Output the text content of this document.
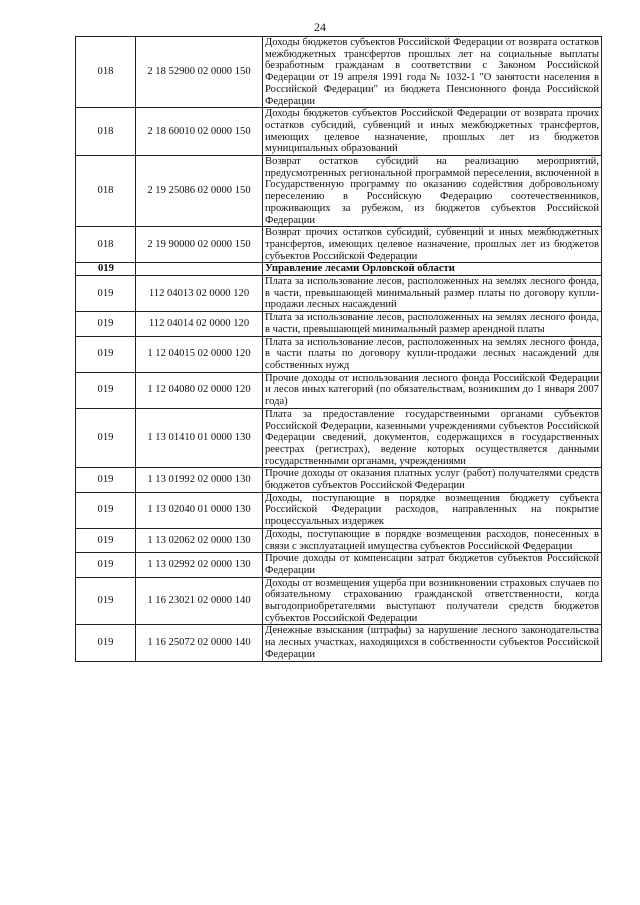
24
018	2 18 52900 02 0000 150	Доходы бюджетов субъектов Российской Федерации от возврата остатков межбюджетных трансфертов прошлых лет на социальные выплаты безработным гражданам в соответствии с Законом Российской Федерации от 19 апреля 1991 года № 1032-1 "О занятости населения в Российской Федерации" из бюджета Пенсионного фонда Российской Федерации
018	2 18 60010 02 0000 150	Доходы бюджетов субъектов Российской Федерации от возврата прочих остатков субсидий, субвенций и иных межбюджетных трансфертов, имеющих целевое назначение, прошлых лет из бюджетов муниципальных образований
018	2 19 25086 02 0000 150	Возврат остатков субсидий на реализацию мероприятий, предусмотренных региональной программой переселения, включенной в Государственную программу по оказанию содействия добровольному переселению в Российскую Федерацию соотечественников, проживающих за рубежом, из бюджетов субъектов Российской Федерации
018	2 19 90000 02 0000 150	Возврат прочих остатков субсидий, субвенций и иных межбюджетных трансфертов, имеющих целевое назначение, прошлых лет из бюджетов субъектов Российской Федерации
019		Управление лесами Орловской области
019	112 04013 02 0000 120	Плата за использование лесов, расположенных на землях лесного фонда, в части, превышающей минимальный размер платы по договору купли-продажи лесных насаждений
019	112 04014 02 0000 120	Плата за использование лесов, расположенных на землях лесного фонда, в части, превышающей минимальный размер арендной платы
019	1 12 04015 02 0000 120	Плата за использование лесов, расположенных на землях лесного фонда, в части платы по договору купли-продажи лесных насаждений для собственных нужд
019	1 12 04080 02 0000 120	Прочие доходы от использования лесного фонда Российской Федерации и лесов иных категорий (по обязательствам, возникшим до 1 января 2007 года)
019	1 13 01410 01 0000 130	Плата за предоставление государственными органами субъектов Российской Федерации, казенными учреждениями субъектов Российской Федерации сведений, документов, содержащихся в государственных реестрах (регистрах), ведение которых осуществляется данными государственными органами, учреждениями
019	1 13 01992 02 0000 130	Прочие доходы от оказания платных услуг (работ) получателями средств бюджетов субъектов Российской Федерации
019	1 13 02040 01 0000 130	Доходы, поступающие в порядке возмещения бюджету субъекта Российской Федерации расходов, направленных на покрытие процессуальных издержек
019	1 13 02062 02 0000 130	Доходы, поступающие в порядке возмещения расходов, понесенных в связи с эксплуатацией имущества субъектов Российской Федерации
019	1 13 02992 02 0000 130	Прочие доходы от компенсации затрат бюджетов субъектов Российской Федерации
019	1 16 23021 02 0000 140	Доходы от возмещения ущерба при возникновении страховых случаев по обязательному страхованию гражданской ответственности, когда выгодоприобретателями выступают получатели средств бюджетов субъектов Российской Федерации
019	1 16 25072 02 0000 140	Денежные взыскания (штрафы) за нарушение лесного законодательства на лесных участках, находящихся в собственности субъектов Российской Федерации
